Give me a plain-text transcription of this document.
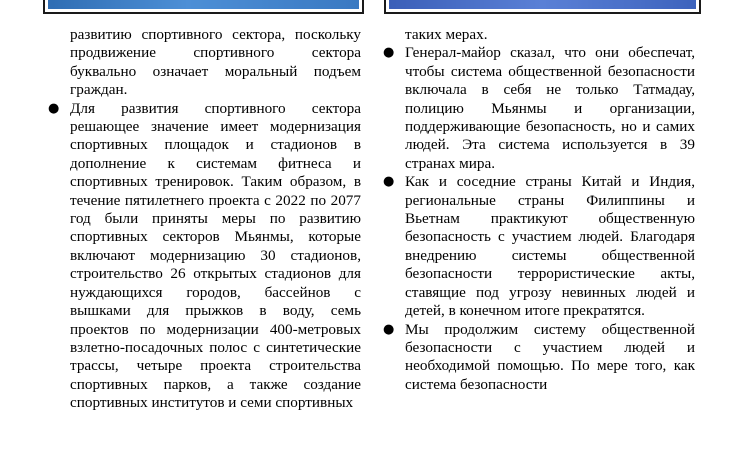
развитию спортивного сектора, поскольку продвижение спортивного сектора буквально означает моральный подъем граждан.

● Для развития спортивного сектора решающее значение имеет модернизация спортивных площадок и стадионов в дополнение к системам фитнеса и спортивных тренировок. Таким образом, в течение пятилетнего проекта с 2022 по 2077 год были приняты меры по развитию спортивных секторов Мьянмы, которые включают модернизацию 30 стадионов, строительство 26 открытых стадионов для нуждающихся городов, бассейнов с вышками для прыжков в воду, семь проектов по модернизации 400-метровых взлетно-посадочных полос с синтетические трассы, четыре проекта строительства спортивных парков, а также создание спортивных институтов и семи спортивных

таких мерах.

● Генерал-майор сказал, что они обеспечат, чтобы система общественной безопасности включала в себя не только Татмадау, полицию Мьянмы и организации, поддерживающие безопасность, но и самих людей. Эта система используется в 39 странах мира.
● Как и соседние страны Китай и Индия, региональные страны Филиппины и Вьетнам практикуют общественную безопасность с участием людей. Благодаря внедрению системы общественной безопасности террористические акты, ставящие под угрозу невинных людей и детей, в конечном итоге прекратятся.
● Мы продолжим систему общественной безопасности с участием людей и необходимой помощью. По мере того, как система безопасности
